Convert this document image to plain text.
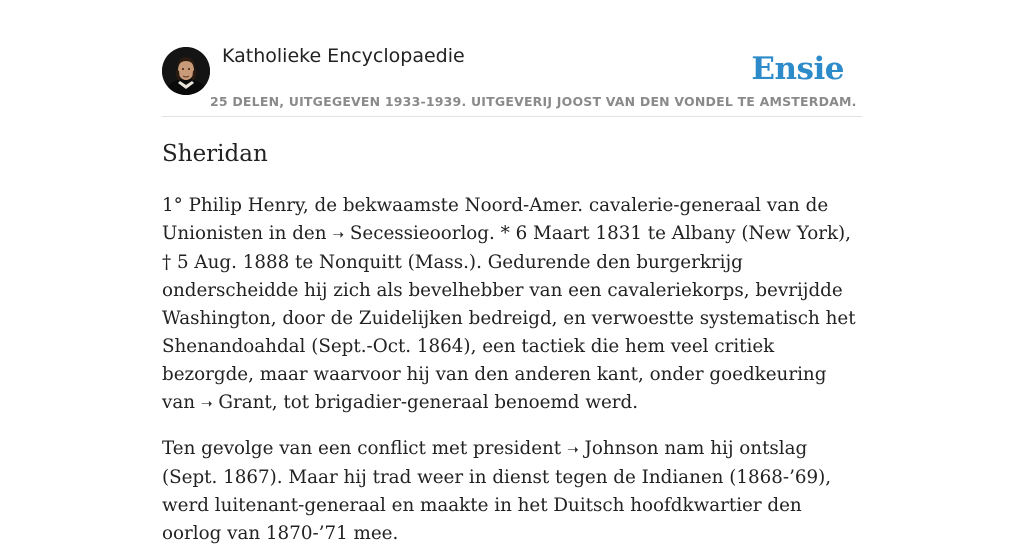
Katholieke Encyclopaedie
25 DELEN, UITGEGEVEN 1933-1939. UITGEVERIJ JOOST VAN DEN VONDEL TE AMSTERDAM.
Ensie
Sheridan

1° Philip Henry, de bekwaamste Noord-Amer. cavalerie-generaal van de Unionisten in den ➝ Secessieoorlog. * 6 Maart 1831 te Albany (New York), † 5 Aug. 1888 te Nonquitt (Mass.). Gedurende den burgerkrijg onderscheidde hij zich als bevelhebber van een cavaleriekorps, bevrijdde Washington, door de Zuidelijken bedreigd, en verwoestte systematisch het Shenandoahdal (Sept.-Oct. 1864), een tactiek die hem veel critiek bezorgde, maar waarvoor hij van den anderen kant, onder goedkeuring van ➝ Grant, tot brigadier-generaal benoemd werd.

Ten gevolge van een conflict met president ➝ Johnson nam hij ontslag (Sept. 1867). Maar hij trad weer in dienst tegen de Indianen (1868-’69), werd luitenant-generaal en maakte in het Duitsch hoofdkwartier den oorlog van 1870-’71 mee.
